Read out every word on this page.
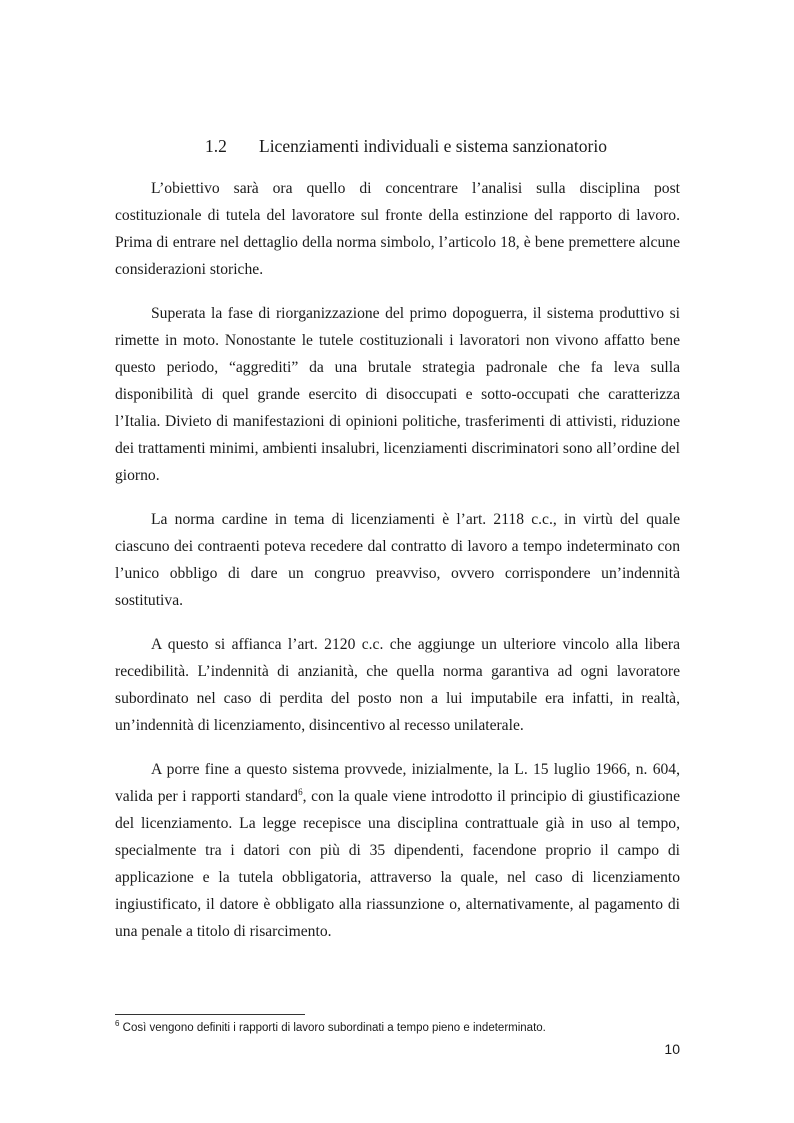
1.2 Licenziamenti individuali e sistema sanzionatorio

L’obiettivo sarà ora quello di concentrare l’analisi sulla disciplina post costituzionale di tutela del lavoratore sul fronte della estinzione del rapporto di lavoro. Prima di entrare nel dettaglio della norma simbolo, l’articolo 18, è bene premettere alcune considerazioni storiche.

Superata la fase di riorganizzazione del primo dopoguerra, il sistema produttivo si rimette in moto. Nonostante le tutele costituzionali i lavoratori non vivono affatto bene questo periodo, “aggrediti” da una brutale strategia padronale che fa leva sulla disponibilità di quel grande esercito di disoccupati e sotto-occupati che caratterizza l’Italia. Divieto di manifestazioni di opinioni politiche, trasferimenti di attivisti, riduzione dei trattamenti minimi, ambienti insalubri, licenziamenti discriminatori sono all’ordine del giorno.

La norma cardine in tema di licenziamenti è l’art. 2118 c.c., in virtù del quale ciascuno dei contraenti poteva recedere dal contratto di lavoro a tempo indeterminato con l’unico obbligo di dare un congruo preavviso, ovvero corrispondere un’indennità sostitutiva.

A questo si affianca l’art. 2120 c.c. che aggiunge un ulteriore vincolo alla libera recedibilità. L’indennità di anzianità, che quella norma garantiva ad ogni lavoratore subordinato nel caso di perdita del posto non a lui imputabile era infatti, in realtà, un’indennità di licenziamento, disincentivo al recesso unilaterale.

A porre fine a questo sistema provvede, inizialmente, la L. 15 luglio 1966, n. 604, valida per i rapporti standard$^6$, con la quale viene introdotto il principio di giustificazione del licenziamento. La legge recepisce una disciplina contrattuale già in uso al tempo, specialmente tra i datori con più di 35 dipendenti, facendone proprio il campo di applicazione e la tutela obbligatoria, attraverso la quale, nel caso di licenziamento ingiustificato, il datore è obbligato alla riassunzione o, alternativamente, al pagamento di una penale a titolo di risarcimento.

$^6$ Così vengono definiti i rapporti di lavoro subordinati a tempo pieno e indeterminato.
10
